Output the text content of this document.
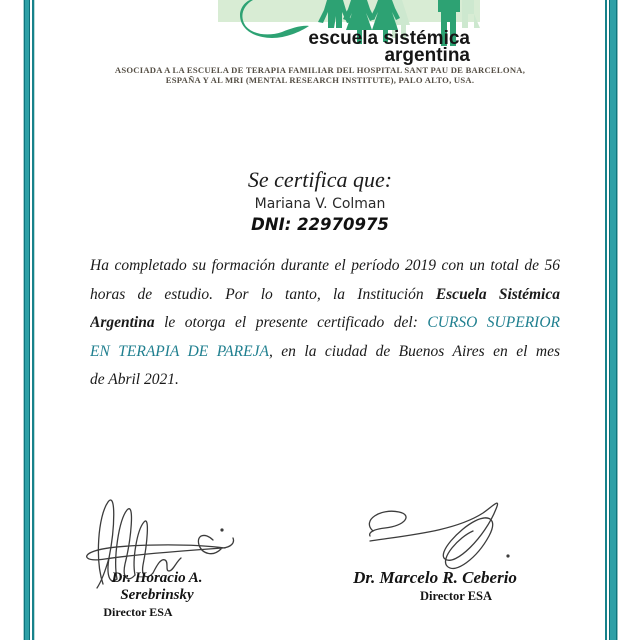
escuela sistémica
argentina
ASOCIADA A LA ESCUELA DE TERAPIA FAMILIAR DEL HOSPITAL SANT PAU DE BARCELONA,
ESPAÑA Y AL MRI (MENTAL RESEARCH INSTITUTE), PALO ALTO, USA.
Se certifica que:
Mariana V. Colman
DNI: 22970975
Ha completado su formación durante el período 2019 con un total de 56
horas de estudio. Por lo tanto, la Institución Escuela Sistémica
Argentina le otorga el presente certificado del: CURSO SUPERIOR
EN TERAPIA DE PAREJA, en la ciudad de Buenos Aires en el mes
de Abril 2021.
Dr. Horacio A. Serebrinsky
Director ESA
Dr. Marcelo R. Ceberio
Director ESA
